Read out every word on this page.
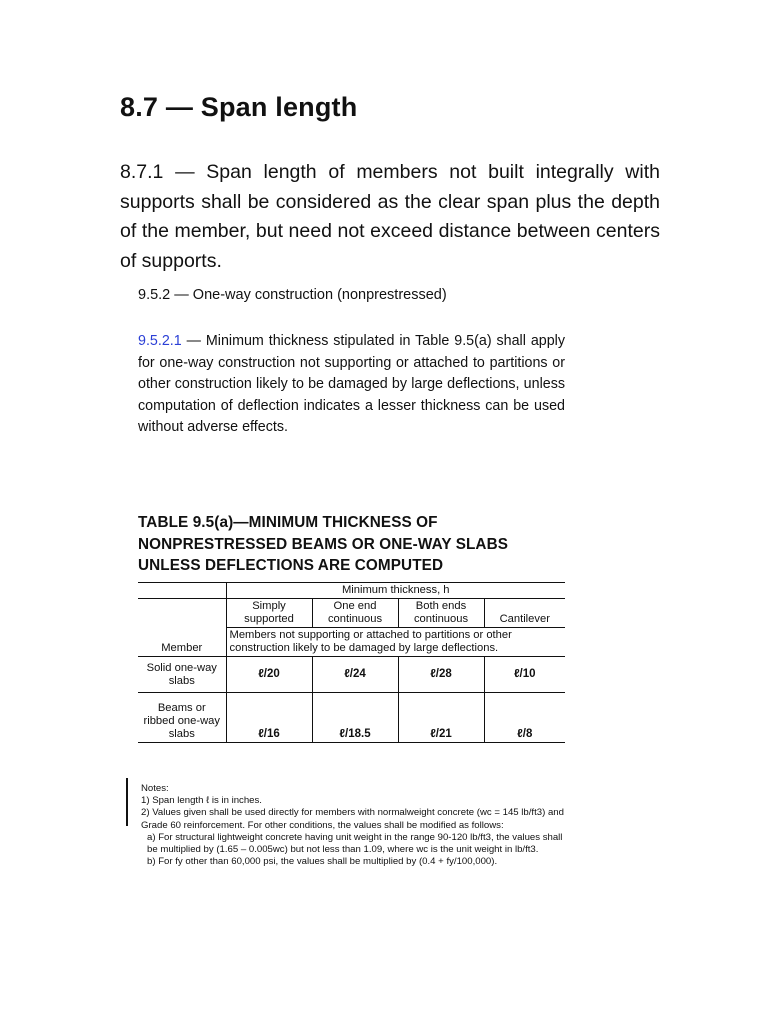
8.7 — Span length

8.7.1 — Span length of members not built integrally with supports shall be considered as the clear span plus the depth of the member, but need not exceed distance between centers of supports.

9.5.2 — One-way construction (nonprestressed)

9.5.2.1 — Minimum thickness stipulated in Table 9.5(a) shall apply for one-way construction not supporting or attached to partitions or other construction likely to be damaged by large deflections, unless computation of deflection indicates a lesser thickness can be used without adverse effects.

TABLE 9.5(a)—MINIMUM THICKNESS OF NONPRESTRESSED BEAMS OR ONE-WAY SLABS UNLESS DEFLECTIONS ARE COMPUTED

	Minimum thickness, h			
	Simply supported	One end continuous	Both ends continuous	Cantilever
Member	Members not supporting or attached to partitions or other construction likely to be damaged by large deflections.			
Solid one-way slabs	ℓ/20	ℓ/24	ℓ/28	ℓ/10
Beams or ribbed one-way slabs	ℓ/16	ℓ/18.5	ℓ/21	ℓ/8

Notes:

1) Span length ℓ is in inches.

2) Values given shall be used directly for members with normalweight concrete (wc = 145 lb/ft3) and Grade 60 reinforcement. For other conditions, the values shall be modified as follows:

a) For structural lightweight concrete having unit weight in the range 90-120 lb/ft3, the values shall be multiplied by (1.65 – 0.005wc) but not less than 1.09, where wc is the unit weight in lb/ft3.

b) For fy other than 60,000 psi, the values shall be multiplied by (0.4 + fy/100,000).
